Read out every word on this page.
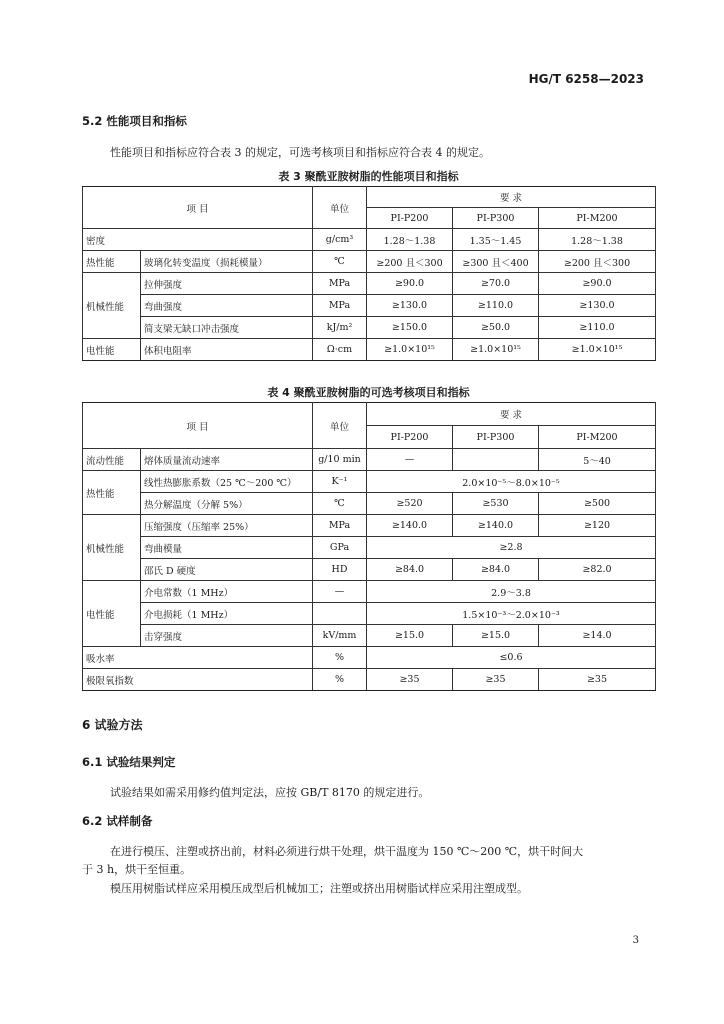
HG/T 6258—2023
5.2 性能项目和指标
性能项目和指标应符合表 3 的规定，可选考核项目和指标应符合表 4 的规定。
表 3 聚酰亚胺树脂的性能项目和指标
项 目		单位	要 求		
			PI-P200	PI-P300	PI-M200
密度		g/cm³	1.28～1.38	1.35～1.45	1.28～1.38
热性能	玻璃化转变温度（损耗模量）	℃	≥200 且＜300	≥300 且＜400	≥200 且＜300
机械性能	拉伸强度	MPa	≥90.0	≥70.0	≥90.0
	弯曲强度	MPa	≥130.0	≥110.0	≥130.0
	简支梁无缺口冲击强度	kJ/m²	≥150.0	≥50.0	≥110.0
电性能	体积电阻率	Ω·cm	≥1.0×10¹⁵	≥1.0×10¹⁵	≥1.0×10¹⁵
表 4 聚酰亚胺树脂的可选考核项目和指标
项 目		单位	要 求		
			PI-P200	PI-P300	PI-M200
流动性能	熔体质量流动速率	g/10 min	—		5～40
热性能	线性热膨胀系数（25 ℃～200 ℃）	K⁻¹	2.0×10⁻⁵～8.0×10⁻⁵		
	热分解温度（分解 5%）	℃	≥520	≥530	≥500
机械性能	压缩强度（压缩率 25%）	MPa	≥140.0	≥140.0	≥120
	弯曲模量	GPa	≥2.8		
	邵氏 D 硬度	HD	≥84.0	≥84.0	≥82.0
电性能	介电常数（1 MHz）	—	2.9～3.8		
	介电损耗（1 MHz）		1.5×10⁻³～2.0×10⁻³		
	击穿强度	kV/mm	≥15.0	≥15.0	≥14.0
吸水率		%	≤0.6		
极限氧指数		%	≥35	≥35	≥35
6 试验方法
6.1 试验结果判定
试验结果如需采用修约值判定法，应按 GB/T 8170 的规定进行。
6.2 试样制备
在进行模压、注塑或挤出前，材料必须进行烘干处理，烘干温度为 150 ℃～200 ℃，烘干时间大
于 3 h，烘干至恒重。
模压用树脂试样应采用模压成型后机械加工；注塑或挤出用树脂试样应采用注塑成型。
3
